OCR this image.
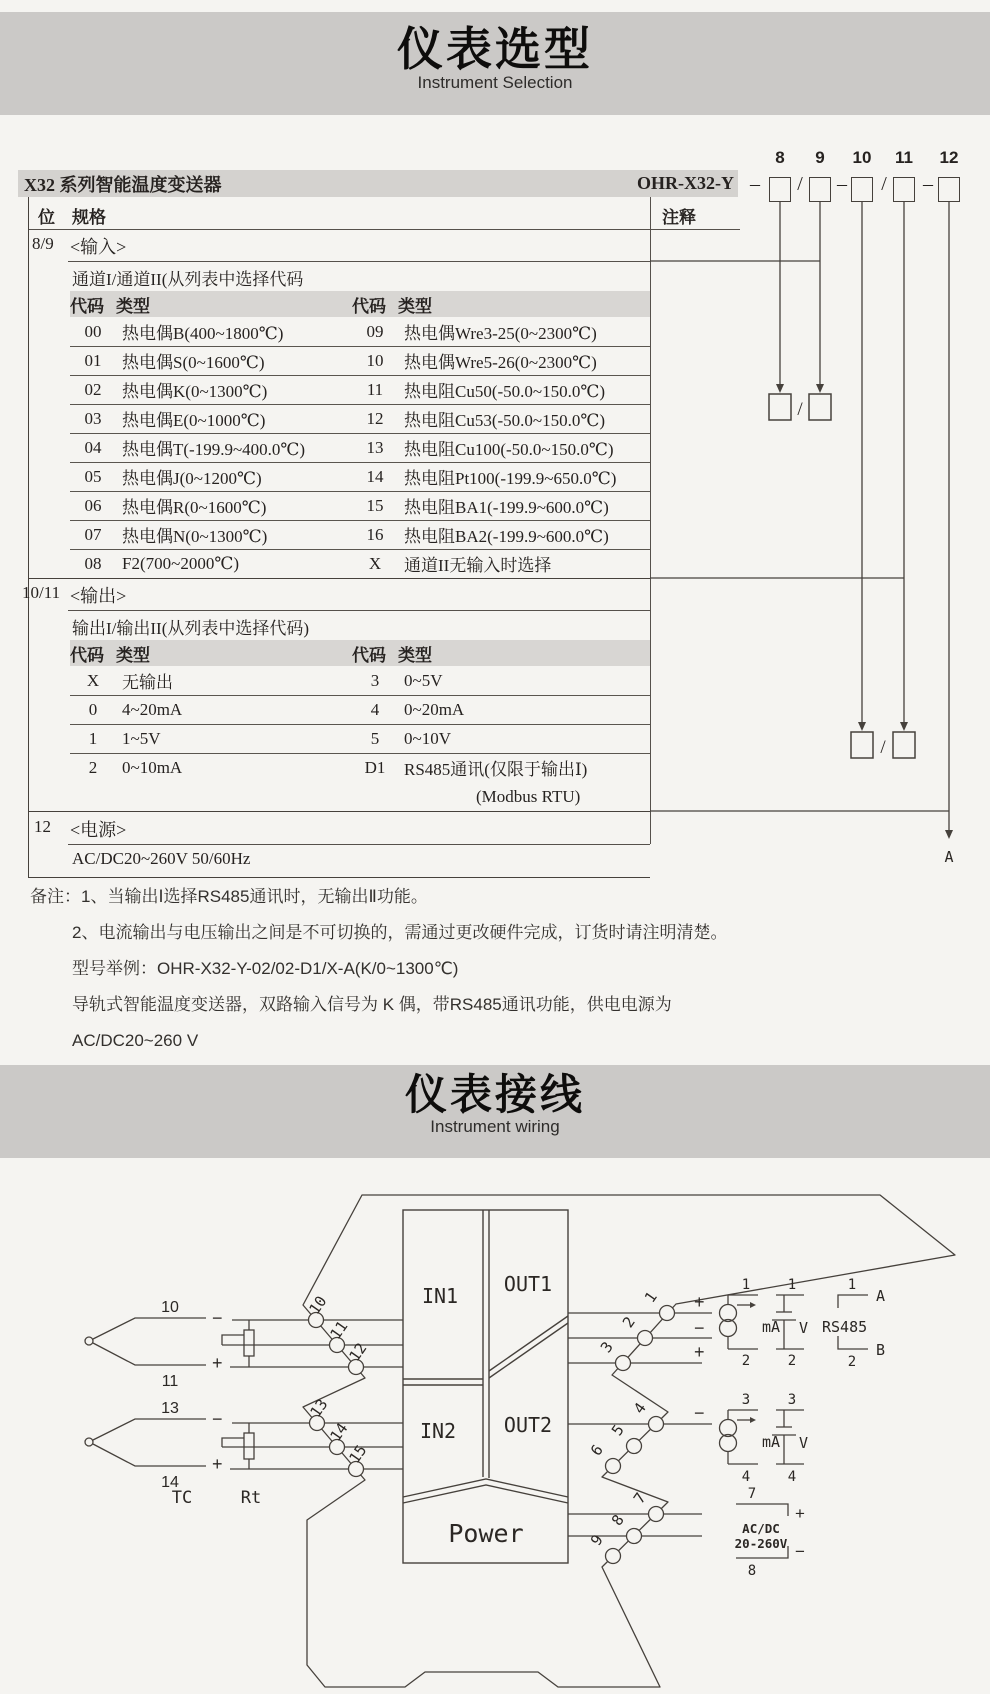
仪表选型
Instrument Selection
X32 系列智能温度变送器	OHR-X32-Y
8	9	10 11 12
– / – / –
位 规格	注释
8/9 <输入>
通道I/通道II(从列表中选择代码
代码 类型	代码 类型
00	热电偶B(400~1800℃)	09	热电偶Wre3-25(0~2300℃)
01	热电偶S(0~1600℃)	10	热电偶Wre5-26(0~2300℃)
02	热电偶K(0~1300℃)	11	热电阻Cu50(-50.0~150.0℃)
03	热电偶E(0~1000℃)	12	热电阻Cu53(-50.0~150.0℃)
04	热电偶T(-199.9~400.0℃)	13	热电阻Cu100(-50.0~150.0℃)
05	热电偶J(0~1200℃)	14	热电阻Pt100(-199.9~650.0℃)
06	热电偶R(0~1600℃)	15	热电阻BA1(-199.9~600.0℃)
07	热电偶N(0~1300℃)	16	热电阻BA2(-199.9~600.0℃)
08	F2(700~2000℃)	X	通道II无输入时选择
10/11 <输出>
输出I/输出II(从列表中选择代码)
代码 类型	代码 类型
X	无输出	3	0~5V
0	4~20mA	4	0~20mA
1	1~5V	5	0~10V
2	0~10mA	D1	RS485通讯(仅限于输出Ⅰ)
(Modbus RTU)
12 <电源>
AC/DC20~260V 50/60Hz
/
/
A
备注：1、当输出Ⅰ选择RS485通讯时，无输出Ⅱ功能。
2、电流输出与电压输出之间是不可切换的，需通过更改硬件完成，订货时请注明清楚。
型号举例：OHR-X32-Y-02/02-D1/X-A(K/0~1300℃)
导轨式智能温度变送器，双路输入信号为 K 偶，带RS485通讯功能，供电电源为
AC/DC20~260 V
仪表接线
Instrument wiring
IN1 OUT1
IN2 OUT2
Power
10
−
+
11
13
−
+
14
TC	Rt
+
−
+
−
10
11
12
13
14
15
1
2
3
4
5
6
7
8
9
1
mA
2
1
V
2
1
A
RS485
B
2
3
mA
4
3
V
4
7
+
AC/DC
20-260V −
8
